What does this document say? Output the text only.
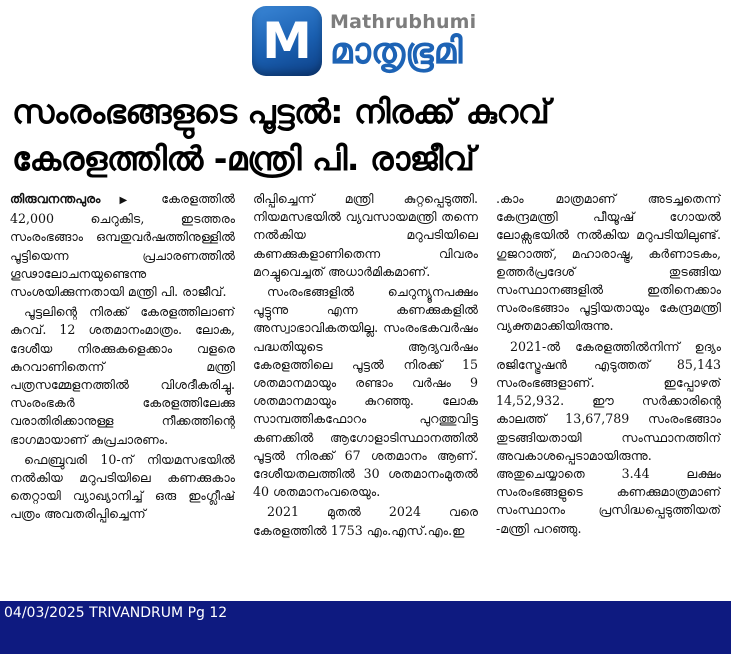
M Mathrubhumi
മാതൃഭൂമി
സംരംഭങ്ങളുടെ പൂട്ടൽ: നിരക്ക് കുറവ്
കേരളത്തിൽ -മന്ത്രി പി. രാജീവ്

തിരുവനന്തപുരം ▶ കേരളത്തിൽ 42,000 ചെറുകിട, ഇടത്തരം സംരംഭങ്ങാം ഒമ്പതുവർഷത്തിനുള്ളിൽ പൂട്ടിയെന്ന പ്രചാരണത്തിൽ ഗൂഢാലോചനയുണ്ടെന്നു സംശയിക്കുന്നതായി മന്ത്രി പി. രാജീവ്.

പൂട്ടലിന്റെ നിരക്ക് കേരളത്തിലാണ് കുറവ്. 12 ശതമാനംമാത്രം. ലോക, ദേശീയ നിരക്കുകളെക്കാം വളരെ കുറവാണിതെന്ന് മന്ത്രി പത്രസമ്മേളനത്തിൽ വിശദീകരിച്ചു. സംരംഭകർ കേരളത്തിലേക്കു വരാതിരിക്കാനുള്ള നീക്കത്തിന്റെ ഭാഗമായാണ് കുപ്രചാരണം.

ഫെബ്രുവരി 10-ന് നിയമസഭയിൽ നൽകിയ മറുപടിയിലെ കണക്കുകാം തെറ്റായി വ്യാഖ്യാനിച്ച് ഒരു ഇംഗ്ലീഷ് പത്രം അവതരിപ്പിച്ചെന്ന്

രിപ്പിച്ചെന്ന് മന്ത്രി കുറ്റപ്പെടുത്തി. നിയമസഭയിൽ വ്യവസായമന്ത്രി തന്നെ നൽകിയ മറുപടിയിലെ കണക്കുകളാണിതെന്ന വിവരം മറച്ചുവെച്ചത് അധാർമികമാണ്.

സംരംഭങ്ങളിൽ ചെറുന്യൂനപക്ഷം പൂട്ടുന്നു എന്ന കണക്കുകളിൽ അസ്വാഭാവികതയില്ല. സംരംഭകവർഷം പദ്ധതിയുടെ ആദ്യവർഷം കേരളത്തിലെ പൂട്ടൽ നിരക്ക് 15 ശതമാനമായും രണ്ടാം വർഷം 9 ശതമാനമായും കുറഞ്ഞു. ലോക സാമ്പത്തികഫോറം പുറത്തുവിട്ട കണക്കിൽ ആഗോളാടിസ്ഥാനത്തിൽ പൂട്ടൽ നിരക്ക് 67 ശതമാനം ആണ്. ദേശീയതലത്തിൽ 30 ശതമാനംമുതൽ 40 ശതമാനംവരെയും.

2021 മുതൽ 2024 വരെ കേരളത്തിൽ 1753 എം.എസ്.എം.ഇ

.കാം മാത്രമാണ് അടച്ചതെന്ന് കേന്ദ്രമന്ത്രി പീയൂഷ് ഗോയൽ ലോക്സഭയിൽ നൽകിയ മറുപടിയിലുണ്ട്. ഗുജറാത്ത്, മഹാരാഷ്ട്ര, കർണാടകം, ഉത്തർപ്രദേശ് തുടങ്ങിയ സംസ്ഥാനങ്ങളിൽ ഇതിനെക്കാം സംരംഭങ്ങാം പൂട്ടിയതായും കേന്ദ്രമന്ത്രി വ്യക്തമാക്കിയിരുന്നു.

2021-ൽ കേരളത്തിൽനിന്ന് ഉദ്യം രജിസ്ട്രേഷൻ എടുത്തത് 85,143 സംരംഭങ്ങളാണ്. ഇപ്പോഴത് 14,52,932. ഈ സർക്കാരിന്റെ കാലത്ത് 13,67,789 സംരംഭങ്ങാം തുടങ്ങിയതായി സംസ്ഥാനത്തിന് അവകാശപ്പെടാമായിരുന്നു. അതുചെയ്യാതെ 3.44 ലക്ഷം സംരംഭങ്ങളുടെ കണക്കുമാത്രമാണ് സംസ്ഥാനം പ്രസിദ്ധപ്പെടുത്തിയത് -മന്ത്രി പറഞ്ഞു.

04/03/2025 TRIVANDRUM Pg 12
